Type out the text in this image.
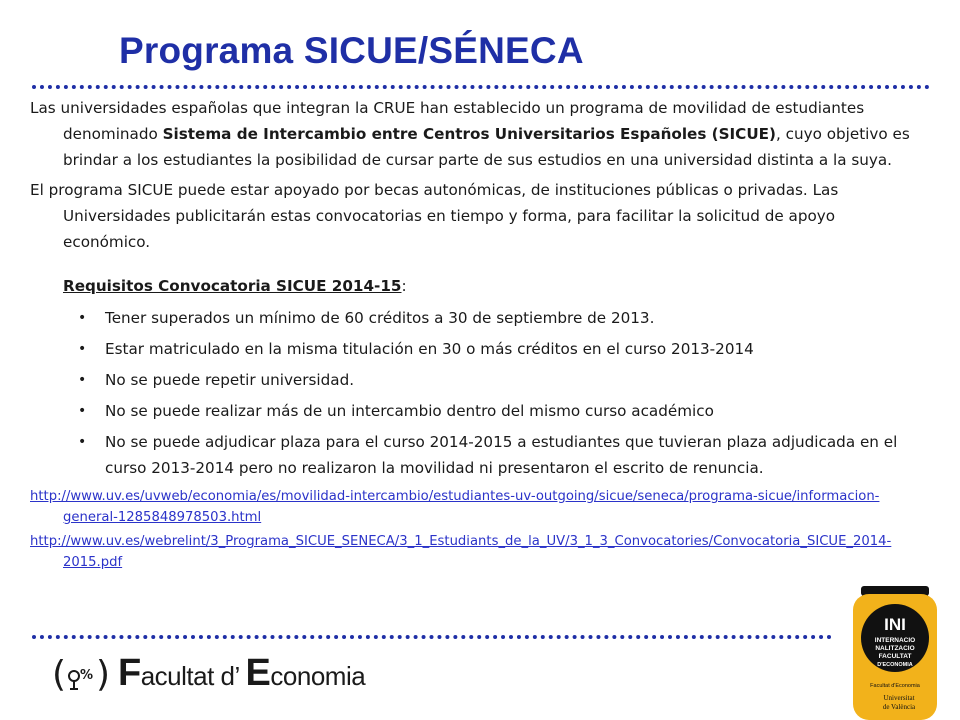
Programa SICUE/SÉNECA

Las universidades españolas que integran la CRUE han establecido un programa de movilidad de estudiantes denominado Sistema de Intercambio entre Centros Universitarios Españoles (SICUE), cuyo objetivo es brindar a los estudiantes la posibilidad de cursar parte de sus estudios en una universidad distinta a la suya.

El programa SICUE puede estar apoyado por becas autonómicas, de instituciones públicas o privadas. Las Universidades publicitarán estas convocatorias en tiempo y forma, para facilitar la solicitud de apoyo económico.

Requisitos Convocatoria SICUE 2014-15:
• Tener superados un mínimo de 60 créditos a 30 de septiembre de 2013.
• Estar matriculado en la misma titulación en 30 o más créditos en el curso 2013-2014
• No se puede repetir universidad.
• No se puede realizar más de un intercambio dentro del mismo curso académico
• No se puede adjudicar plaza para el curso 2014-2015 a estudiantes que tuvieran plaza adjudicada en el curso 2013-2014 pero no realizaron la movilidad ni presentaron el escrito de renuncia.
http://www.uv.es/uvweb/economia/es/movilidad-intercambio/estudiantes-uv-outgoing/sicue/seneca/programa-sicue/informacion-general-1285848978503.html
http://www.uv.es/webrelint/3_Programa_SICUE_SENECA/3_1_Estudiants_de_la_UV/3_1_3_Convocatories/Convocatoria_SICUE_2014-2015.pdf
( )
% Facultat d’ Economia
INI
INTERNACIO
NALITZACIO
FACULTAT
D'ECONOMIA
Facultat d'Economia
Universitat
de València
